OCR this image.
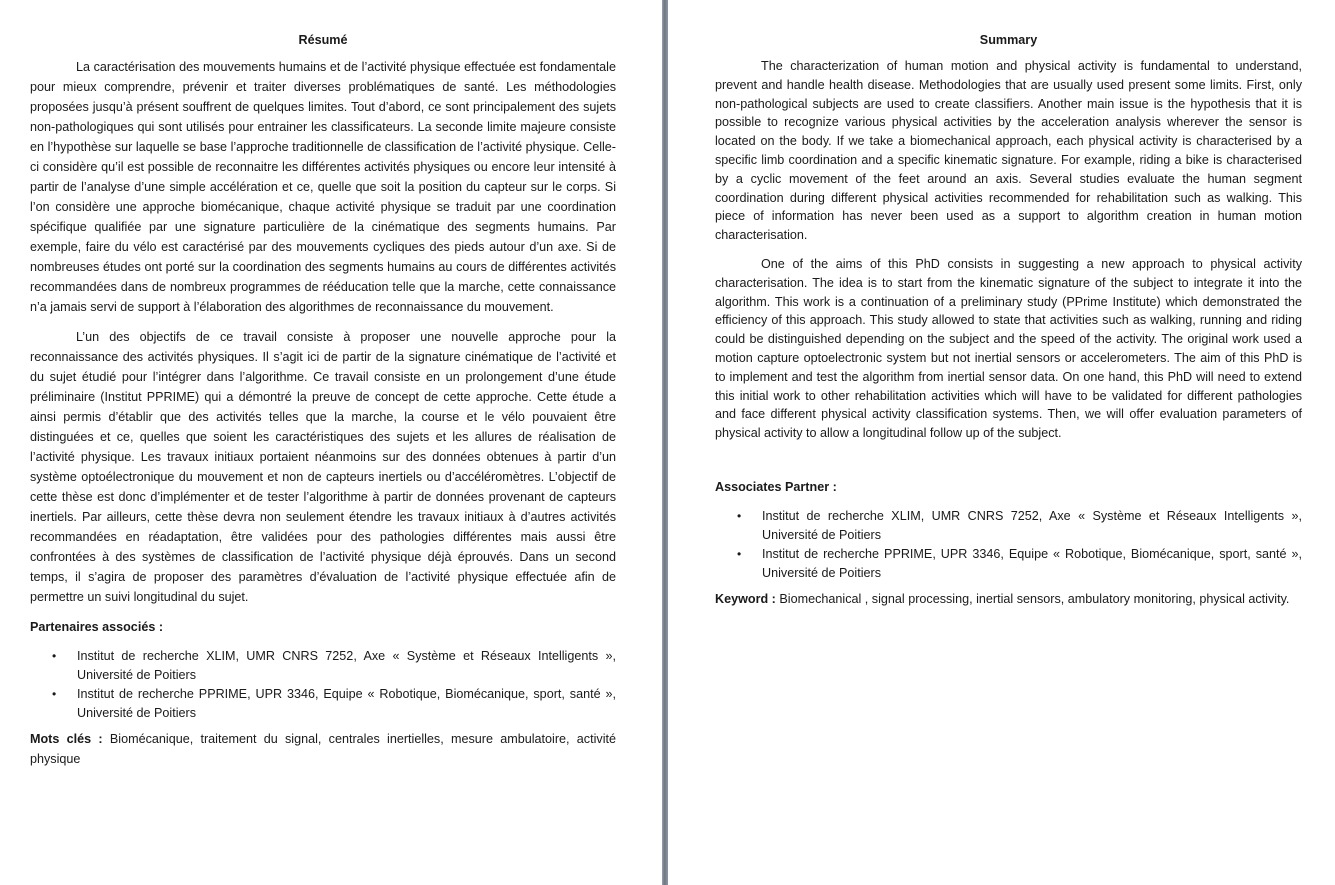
Résumé

La caractérisation des mouvements humains et de l’activité physique effectuée est fondamentale pour mieux comprendre, prévenir et traiter diverses problématiques de santé. Les méthodologies proposées jusqu’à présent souffrent de quelques limites. Tout d’abord, ce sont principalement des sujets non-pathologiques qui sont utilisés pour entrainer les classificateurs. La seconde limite majeure consiste en l’hypothèse sur laquelle se base l’approche traditionnelle de classification de l’activité physique. Celle-ci considère qu’il est possible de reconnaitre les différentes activités physiques ou encore leur intensité à partir de l’analyse d’une simple accélération et ce, quelle que soit la position du capteur sur le corps. Si l’on considère une approche biomécanique, chaque activité physique se traduit par une coordination spécifique qualifiée par une signature particulière de la cinématique des segments humains. Par exemple, faire du vélo est caractérisé par des mouvements cycliques des pieds autour d’un axe. Si de nombreuses études ont porté sur la coordination des segments humains au cours de différentes activités recommandées dans de nombreux programmes de rééducation telle que la marche, cette connaissance n’a jamais servi de support à l’élaboration des algorithmes de reconnaissance du mouvement.

L’un des objectifs de ce travail consiste à proposer une nouvelle approche pour la reconnaissance des activités physiques. Il s’agit ici de partir de la signature cinématique de l’activité et du sujet étudié pour l’intégrer dans l’algorithme. Ce travail consiste en un prolongement d’une étude préliminaire (Institut PPRIME) qui a démontré la preuve de concept de cette approche. Cette étude a ainsi permis d’établir que des activités telles que la marche, la course et le vélo pouvaient être distinguées et ce, quelles que soient les caractéristiques des sujets et les allures de réalisation de l’activité physique. Les travaux initiaux portaient néanmoins sur des données obtenues à partir d’un système optoélectronique du mouvement et non de capteurs inertiels ou d’accéléromètres. L’objectif de cette thèse est donc d’implémenter et de tester l’algorithme à partir de données provenant de capteurs inertiels. Par ailleurs, cette thèse devra non seulement étendre les travaux initiaux à d’autres activités recommandées en réadaptation, être validées pour des pathologies différentes mais aussi être confrontées à des systèmes de classification de l’activité physique déjà éprouvés. Dans un second temps, il s’agira de proposer des paramètres d’évaluation de l’activité physique effectuée afin de permettre un suivi longitudinal du sujet.

Partenaires associés :
• Institut de recherche XLIM, UMR CNRS 7252, Axe « Système et Réseaux Intelligents », Université de Poitiers
• Institut de recherche PPRIME, UPR 3346, Equipe « Robotique, Biomécanique, sport, santé », Université de Poitiers
Mots clés : Biomécanique, traitement du signal, centrales inertielles, mesure ambulatoire, activité physique
Summary

The characterization of human motion and physical activity is fundamental to understand, prevent and handle health disease. Methodologies that are usually used present some limits. First, only non-pathological subjects are used to create classifiers. Another main issue is the hypothesis that it is possible to recognize various physical activities by the acceleration analysis wherever the sensor is located on the body. If we take a biomechanical approach, each physical activity is characterised by a specific limb coordination and a specific kinematic signature. For example, riding a bike is characterised by a cyclic movement of the feet around an axis. Several studies evaluate the human segment coordination during different physical activities recommended for rehabilitation such as walking. This piece of information has never been used as a support to algorithm creation in human motion characterisation.

One of the aims of this PhD consists in suggesting a new approach to physical activity characterisation. The idea is to start from the kinematic signature of the subject to integrate it into the algorithm. This work is a continuation of a preliminary study (PPrime Institute) which demonstrated the efficiency of this approach. This study allowed to state that activities such as walking, running and riding could be distinguished depending on the subject and the speed of the activity. The original work used a motion capture optoelectronic system but not inertial sensors or accelerometers. The aim of this PhD is to implement and test the algorithm from inertial sensor data. On one hand, this PhD will need to extend this initial work to other rehabilitation activities which will have to be validated for different pathologies and face different physical activity classification systems. Then, we will offer evaluation parameters of physical activity to allow a longitudinal follow up of the subject.

Associates Partner :
• Institut de recherche XLIM, UMR CNRS 7252, Axe « Système et Réseaux Intelligents », Université de Poitiers
• Institut de recherche PPRIME, UPR 3346, Equipe « Robotique, Biomécanique, sport, santé », Université de Poitiers
Keyword : Biomechanical , signal processing, inertial sensors, ambulatory monitoring, physical activity.
